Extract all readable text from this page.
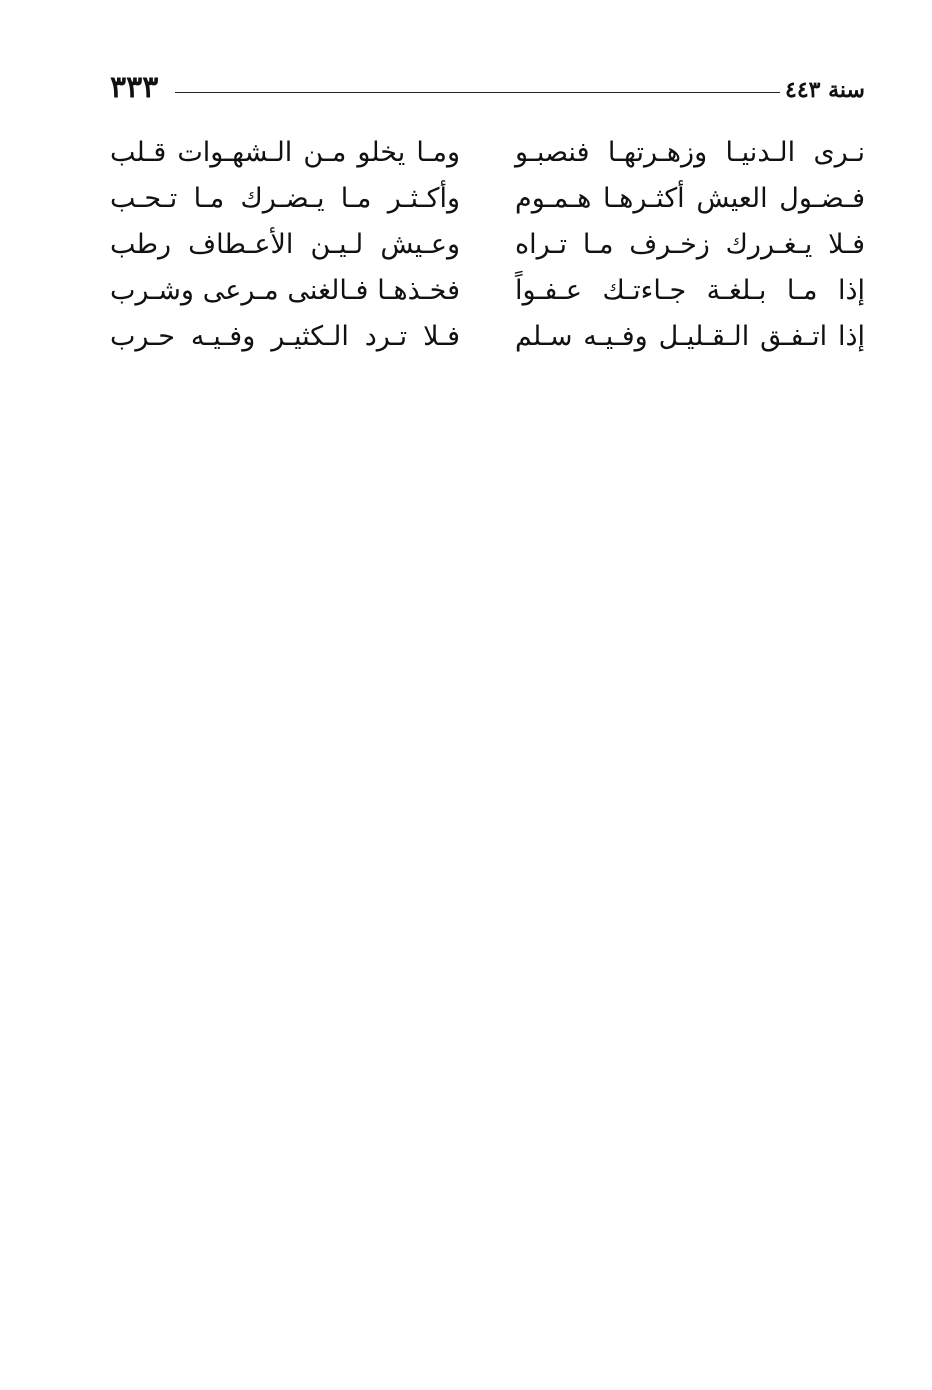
٣٣٣	سنة ٤٤٣
نـرى الـدنيـا وزهـرتهـا فنصبـو
ومـا يخلو مـن الـشهـوات قـلب
فـضـول العيش أكثـرهـا هـمـوم
وأكـثـر مـا يـضـرك مـا تـحـب
فـلا يـغـررك زخـرف مـا تـراه
وعـيش لـيـن الأعـطاف رطب
إذا مـا بـلغـة جـاءتـك عـفـواً
فخـذهـا فـالغنى مـرعى وشـرب
إذا اتـفـق الـقـليـل وفـيـه سـلم
فـلا تـرد الـكثيـر وفـيـه حـرب
